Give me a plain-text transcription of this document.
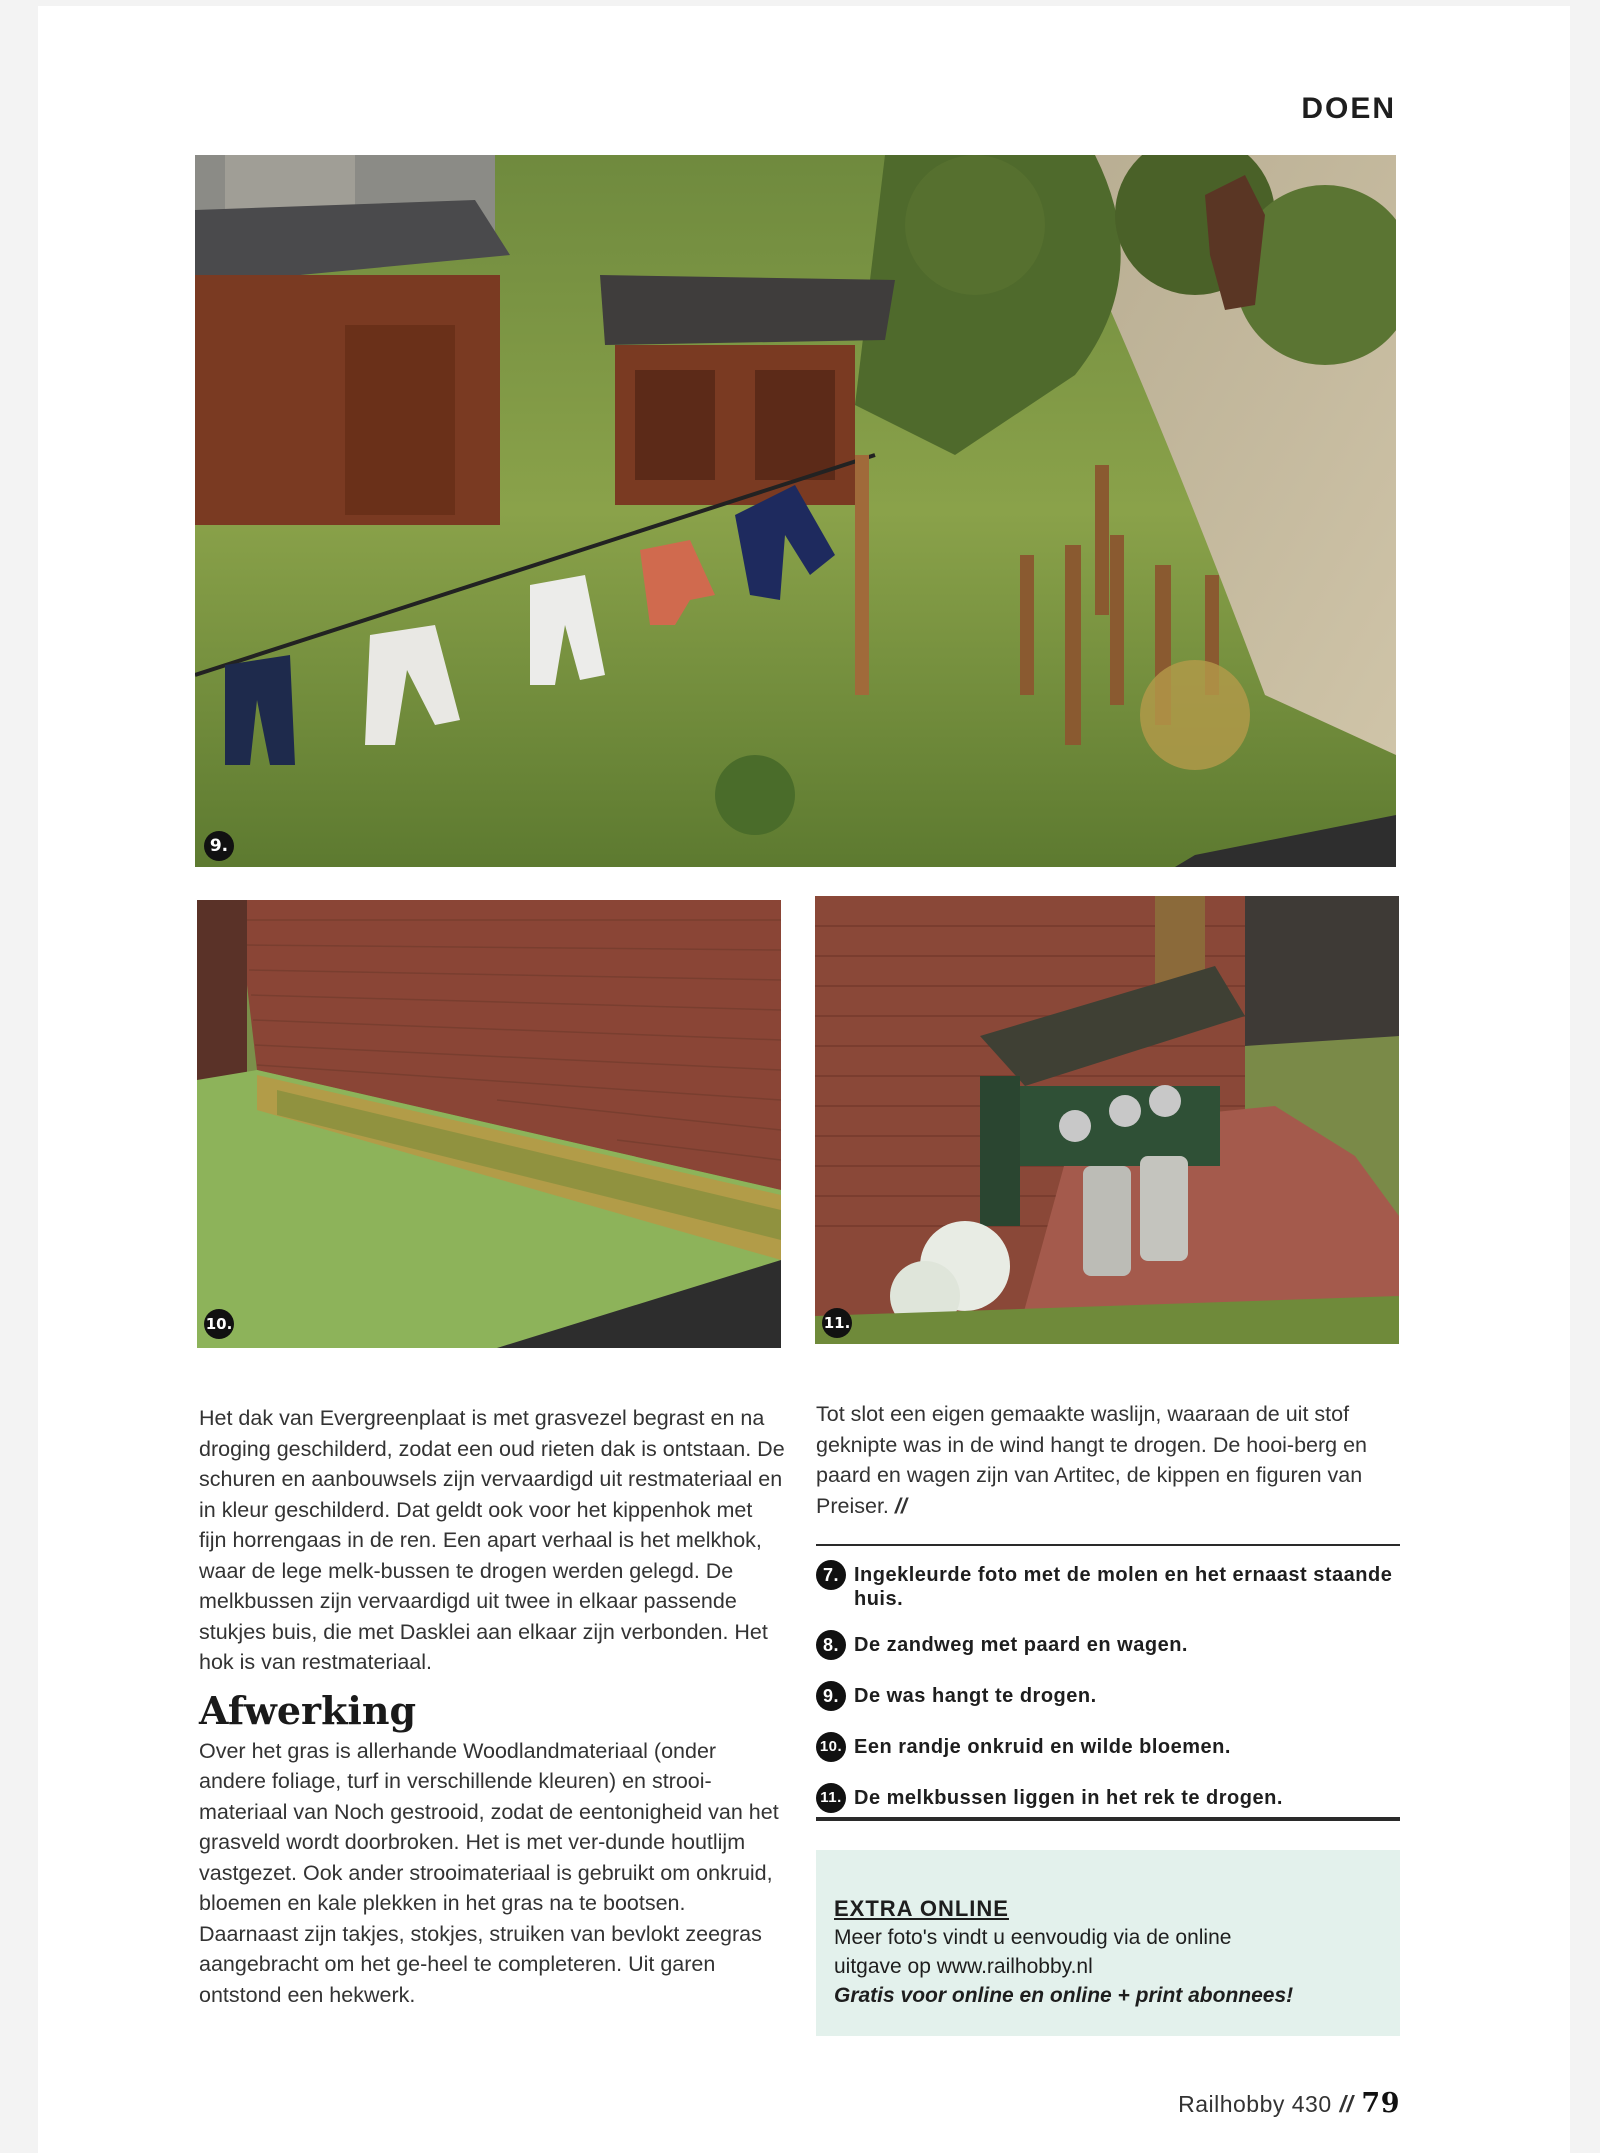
DOEN
9.
10.	11.

Het dak van Evergreenplaat is met grasvezel begrast en na droging geschilderd, zodat een oud rieten dak is ontstaan. De schuren en aanbouwsels zijn vervaardigd uit restmateriaal en in kleur geschilderd. Dat geldt ook voor het kippenhok met fijn horrengaas in de ren. Een apart verhaal is het melkhok, waar de lege melk-bussen te drogen werden gelegd. De melkbussen zijn vervaardigd uit twee in elkaar passende stukjes buis, die met Dasklei aan elkaar zijn verbonden. Het hok is van restmateriaal.

Afwerking

Over het gras is allerhande Woodlandmateriaal (onder andere foliage, turf in verschillende kleuren) en strooi-materiaal van Noch gestrooid, zodat de eentonigheid van het grasveld wordt doorbroken. Het is met ver-dunde houtlijm vastgezet. Ook ander strooimateriaal is gebruikt om onkruid, bloemen en kale plekken in het gras na te bootsen. Daarnaast zijn takjes, stokjes, struiken van bevlokt zeegras aangebracht om het ge-heel te completeren. Uit garen ontstond een hekwerk.

Tot slot een eigen gemaakte waslijn, waaraan de uit stof geknipte was in de wind hangt te drogen. De hooi-berg en paard en wagen zijn van Artitec, de kippen en figuren van Preiser. //

7. Ingekleurde foto met de molen en het ernaast staande huis.
8. De zandweg met paard en wagen.
9. De was hangt te drogen.
10. Een randje onkruid en wilde bloemen.
11. De melkbussen liggen in het rek te drogen.
EXTRA ONLINE
Meer foto's vindt u eenvoudig via de online
uitgave op www.railhobby.nl
Gratis voor online en online + print abonnees!
Railhobby 430 // 79
